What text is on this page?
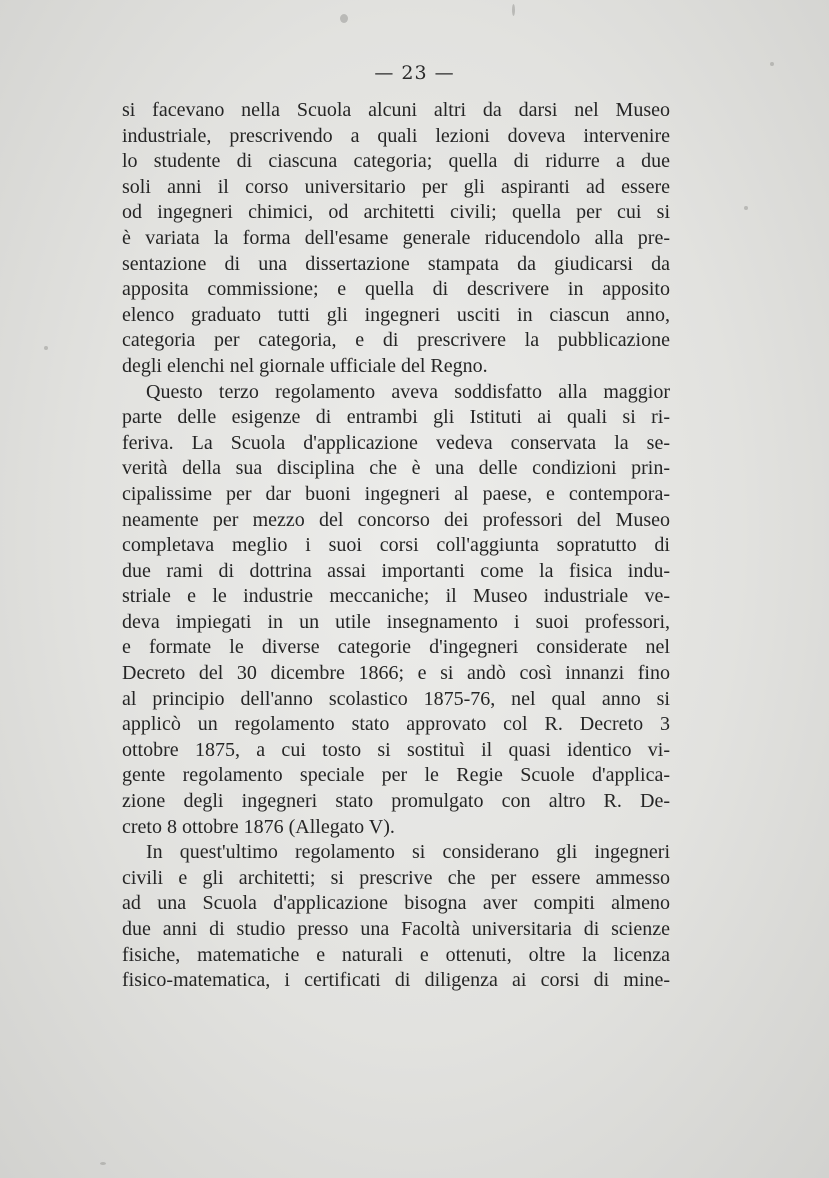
— 23 —
si facevano nella Scuola alcuni altri da darsi nel Museo
industriale, prescrivendo a quali lezioni doveva intervenire
lo studente di ciascuna categoria; quella di ridurre a due
soli anni il corso universitario per gli aspiranti ad essere
od ingegneri chimici, od architetti civili; quella per cui si
è variata la forma dell'esame generale riducendolo alla pre-
sentazione di una dissertazione stampata da giudicarsi da
apposita commissione; e quella di descrivere in apposito
elenco graduato tutti gli ingegneri usciti in ciascun anno,
categoria per categoria, e di prescrivere la pubblicazione
degli elenchi nel giornale ufficiale del Regno.
Questo terzo regolamento aveva soddisfatto alla maggior
parte delle esigenze di entrambi gli Istituti ai quali si ri-
feriva. La Scuola d'applicazione vedeva conservata la se-
verità della sua disciplina che è una delle condizioni prin-
cipalissime per dar buoni ingegneri al paese, e contempora-
neamente per mezzo del concorso dei professori del Museo
completava meglio i suoi corsi coll'aggiunta sopratutto di
due rami di dottrina assai importanti come la fisica indu-
striale e le industrie meccaniche; il Museo industriale ve-
deva impiegati in un utile insegnamento i suoi professori,
e formate le diverse categorie d'ingegneri considerate nel
Decreto del 30 dicembre 1866; e si andò così innanzi fino
al principio dell'anno scolastico 1875-76, nel qual anno si
applicò un regolamento stato approvato col R. Decreto 3
ottobre 1875, a cui tosto si sostituì il quasi identico vi-
gente regolamento speciale per le Regie Scuole d'applica-
zione degli ingegneri stato promulgato con altro R. De-
creto 8 ottobre 1876 (Allegato V).
In quest'ultimo regolamento si considerano gli ingegneri
civili e gli architetti; si prescrive che per essere ammesso
ad una Scuola d'applicazione bisogna aver compiti almeno
due anni di studio presso una Facoltà universitaria di scienze
fisiche, matematiche e naturali e ottenuti, oltre la licenza
fisico-matematica, i certificati di diligenza ai corsi di mine-
